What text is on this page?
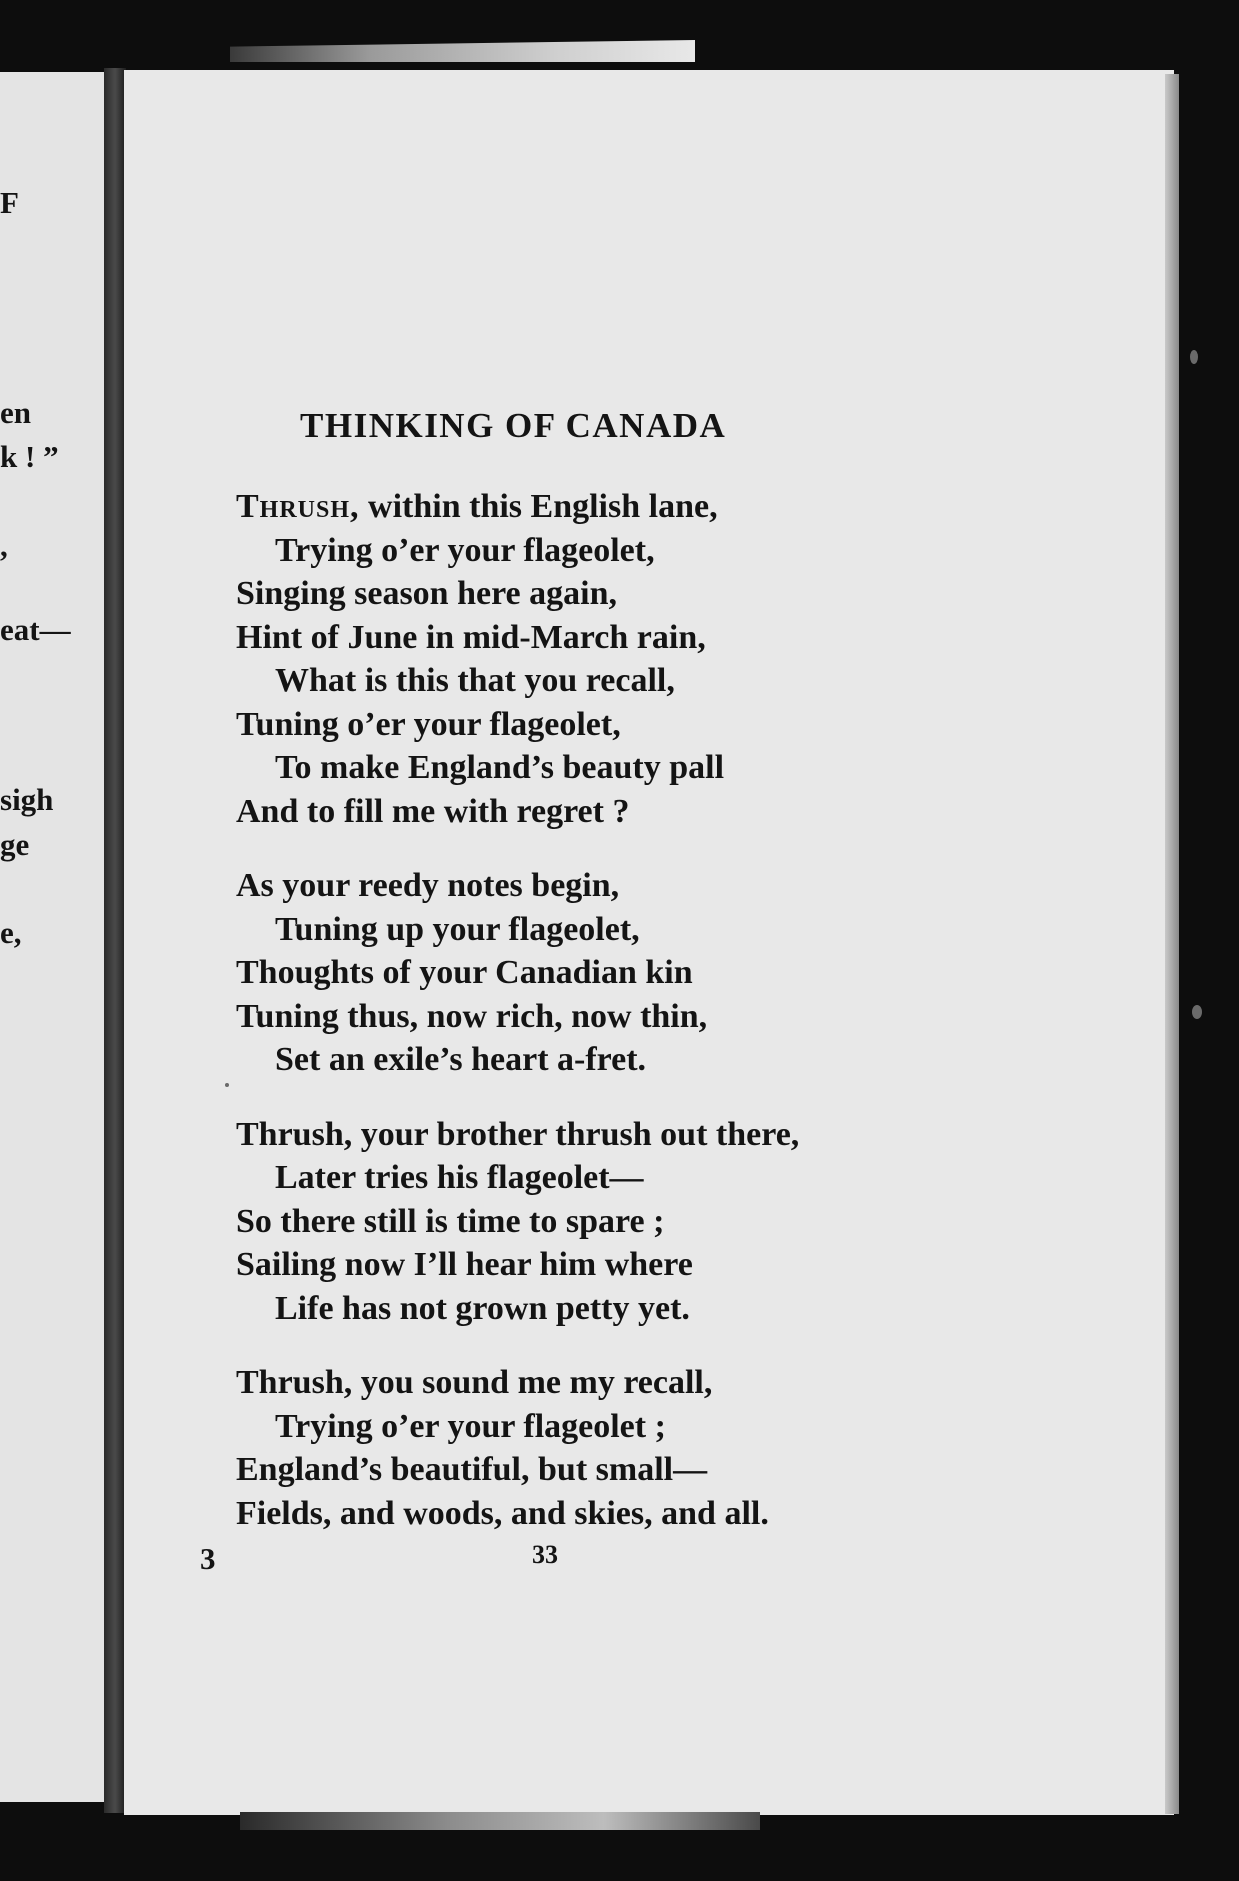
F

en

k ! ”

,

eat—

sigh

ge

e,

THINKING OF CANADA
Thrush, within this English lane,
Trying o’er your flageolet,
Singing season here again,
Hint of June in mid-March rain,
What is this that you recall,
Tuning o’er your flageolet,
To make England’s beauty pall
And to fill me with regret ?
As your reedy notes begin,
Tuning up your flageolet,
Thoughts of your Canadian kin
Tuning thus, now rich, now thin,
Set an exile’s heart a-fret.
Thrush, your brother thrush out there,
Later tries his flageolet—
So there still is time to spare ;
Sailing now I’ll hear him where
Life has not grown petty yet.
Thrush, you sound me my recall,
Trying o’er your flageolet ;
England’s beautiful, but small—
Fields, and woods, and skies, and all.

3	33
